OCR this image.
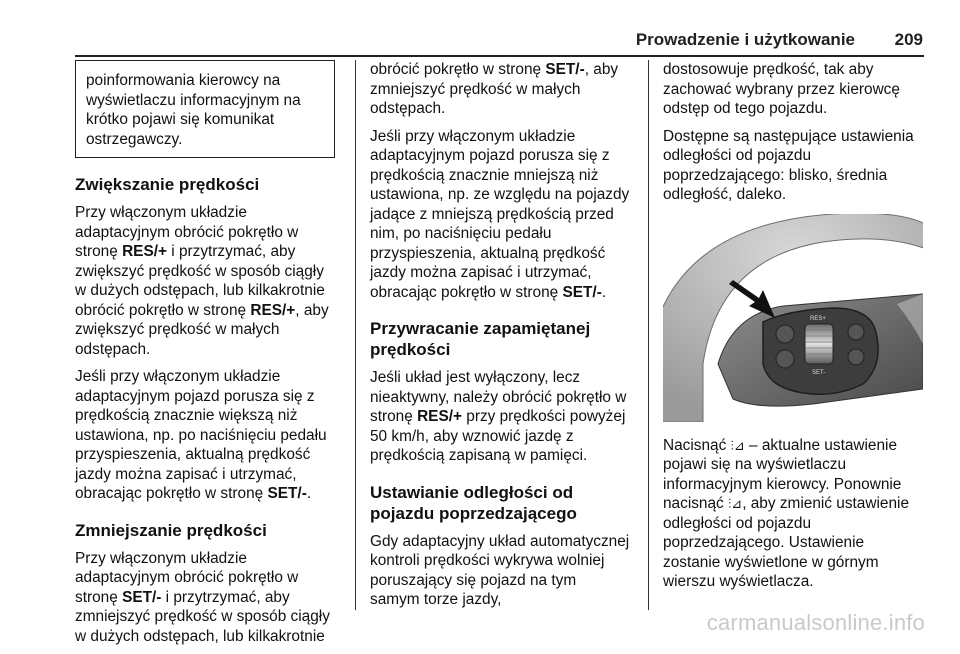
Prowadzenie i użytkowanie 209

poinformowania kierowcy na wyświetlaczu informacyjnym na krótko pojawi się komunikat ostrzegawczy.

Zwiększanie prędkości

Przy włączonym układzie adaptacyjnym obrócić pokrętło w stronę RES/+ i przytrzymać, aby zwiększyć prędkość w sposób ciągły w dużych odstępach, lub kilkakrotnie obrócić pokrętło w stronę RES/+, aby zwiększyć prędkość w małych odstępach.

Jeśli przy włączonym układzie adaptacyjnym pojazd porusza się z prędkością znacznie większą niż ustawiona, np. po naciśnięciu pedału przyspieszenia, aktualną prędkość jazdy można zapisać i utrzymać, obracając pokrętło w stronę SET/-.

Zmniejszanie prędkości

Przy włączonym układzie adaptacyjnym obrócić pokrętło w stronę SET/- i przytrzymać, aby zmniejszyć prędkość w sposób ciągły w dużych odstępach, lub kilkakrotnie

obrócić pokrętło w stronę SET/-, aby zmniejszyć prędkość w małych odstępach.

Jeśli przy włączonym układzie adaptacyjnym pojazd porusza się z prędkością znacznie mniejszą niż ustawiona, np. ze względu na pojazdy jadące z mniejszą prędkością przed nim, po naciśnięciu pedału przyspieszenia, aktualną prędkość jazdy można zapisać i utrzymać, obracając pokrętło w stronę SET/-.

Przywracanie zapamiętanej prędkości

Jeśli układ jest wyłączony, lecz nieaktywny, należy obrócić pokrętło w stronę RES/+ przy prędkości powyżej 50 km/h, aby wznowić jazdę z prędkością zapisaną w pamięci.

Ustawianie odległości od pojazdu poprzedzającego

Gdy adaptacyjny układ automatycznej kontroli prędkości wykrywa wolniej poruszający się pojazd na tym samym torze jazdy,

dostosowuje prędkość, tak aby zachować wybrany przez kierowcę odstęp od tego pojazdu.

Dostępne są następujące ustawienia odległości od pojazdu poprzedzającego: blisko, średnia odległość, daleko.

RES+
SET-

Nacisnąć ⫶⊿ – aktualne ustawienie pojawi się na wyświetlaczu informacyjnym kierowcy. Ponownie nacisnąć ⫶⊿, aby zmienić ustawienie odległości od pojazdu poprzedzającego. Ustawienie zostanie wyświetlone w górnym wierszu wyświetlacza.

carmanualsonline.info
